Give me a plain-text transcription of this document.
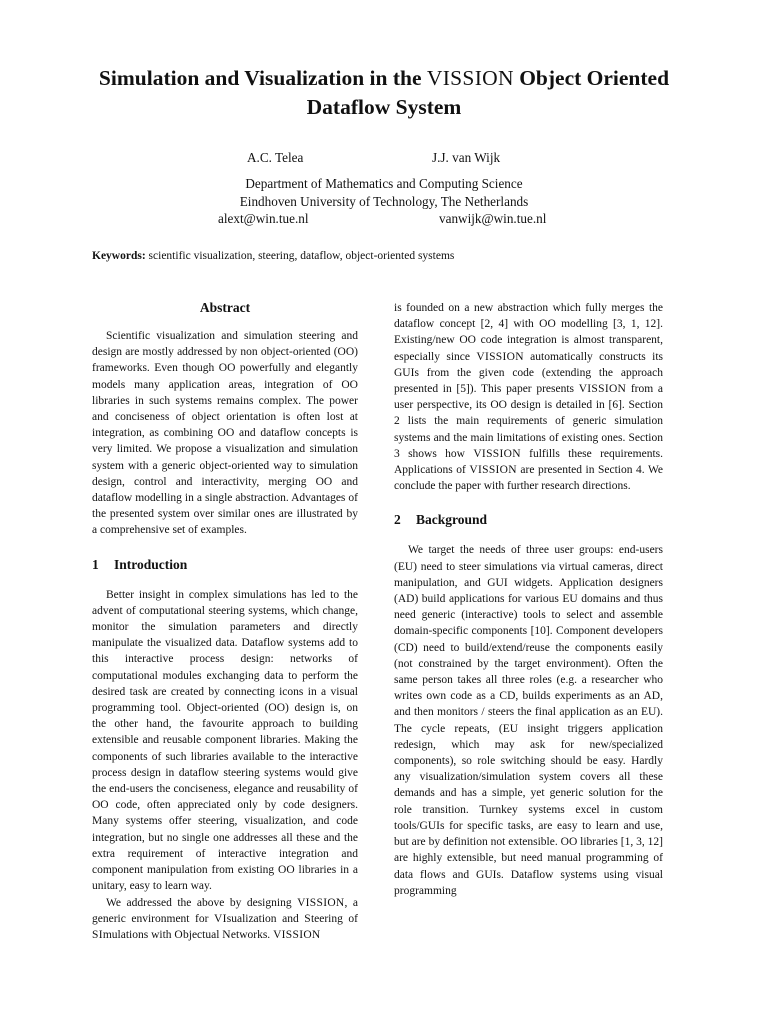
Simulation and Visualization in the VISSION Object Oriented Dataflow System
A.C. Telea	J.J. van Wijk
Department of Mathematics and Computing Science
Eindhoven University of Technology, The Netherlands
alext@win.tue.nl	vanwijk@win.tue.nl
Keywords: scientific visualization, steering, dataflow, object-oriented systems
Abstract

Scientific visualization and simulation steering and design are mostly addressed by non object-oriented (OO) frameworks. Even though OO powerfully and elegantly models many application areas, integration of OO libraries in such systems remains complex. The power and conciseness of object orientation is often lost at integration, as combining OO and dataflow concepts is very limited. We propose a visualization and simulation system with a generic object-oriented way to simulation design, control and interactivity, merging OO and dataflow modelling in a single abstraction. Advantages of the presented system over similar ones are illustrated by a comprehensive set of examples.

1 Introduction

Better insight in complex simulations has led to the advent of computational steering systems, which change, monitor the simulation parameters and directly manipulate the visualized data. Dataflow systems add to this interactive process design: networks of computational modules exchanging data to perform the desired task are created by connecting icons in a visual programming tool. Object-oriented (OO) design is, on the other hand, the favourite approach to building extensible and reusable component libraries. Making the components of such libraries available to the interactive process design in dataflow steering systems would give the end-users the conciseness, elegance and reusability of OO code, often appreciated only by code designers. Many systems offer steering, visualization, and code integration, but no single one addresses all these and the extra requirement of interactive integration and component manipulation from existing OO libraries in a unitary, easy to learn way.

We addressed the above by designing VISSION, a generic environment for VIsualization and Steering of SImulations with Objectual Networks. VISSION

is founded on a new abstraction which fully merges the dataflow concept [2, 4] with OO modelling [3, 1, 12]. Existing/new OO code integration is almost transparent, especially since VISSION automatically constructs its GUIs from the given code (extending the approach presented in [5]). This paper presents VISSION from a user perspective, its OO design is detailed in [6]. Section 2 lists the main requirements of generic simulation systems and the main limitations of existing ones. Section 3 shows how VISSION fulfills these requirements. Applications of VISSION are presented in Section 4. We conclude the paper with further research directions.

2 Background

We target the needs of three user groups: end-users (EU) need to steer simulations via virtual cameras, direct manipulation, and GUI widgets. Application designers (AD) build applications for various EU domains and thus need generic (interactive) tools to select and assemble domain-specific components [10]. Component developers (CD) need to build/extend/reuse the components easily (not constrained by the target environment). Often the same person takes all three roles (e.g. a researcher who writes own code as a CD, builds experiments as an AD, and then monitors / steers the final application as an EU). The cycle repeats, (EU insight triggers application redesign, which may ask for new/specialized components), so role switching should be easy. Hardly any visualization/simulation system covers all these demands and has a simple, yet generic solution for the role transition. Turnkey systems excel in custom tools/GUIs for specific tasks, are easy to learn and use, but are by definition not extensible. OO libraries [1, 3, 12] are highly extensible, but need manual programming of data flows and GUIs. Dataflow systems using visual programming
